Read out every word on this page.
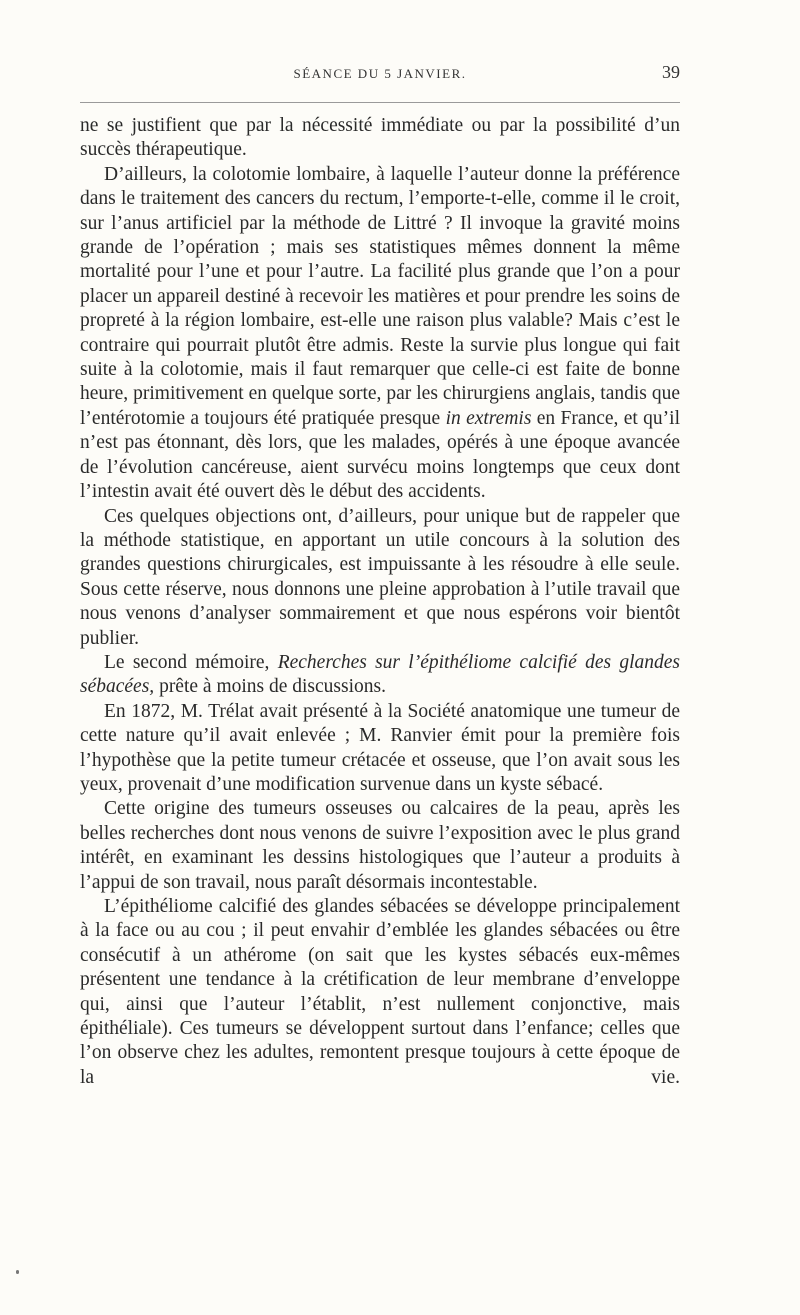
SÉANCE DU 5 JANVIER.	39

ne se justifient que par la nécessité immédiate ou par la possibilité d’un succès thérapeutique.

D’ailleurs, la colotomie lombaire, à laquelle l’auteur donne la préférence dans le traitement des cancers du rectum, l’emporte-t-elle, comme il le croit, sur l’anus artificiel par la méthode de Littré ? Il invoque la gravité moins grande de l’opération ; mais ses statistiques mêmes donnent la même mortalité pour l’une et pour l’autre. La facilité plus grande que l’on a pour placer un appareil destiné à recevoir les matières et pour prendre les soins de propreté à la région lombaire, est-elle une raison plus valable? Mais c’est le contraire qui pourrait plutôt être admis. Reste la survie plus longue qui fait suite à la colotomie, mais il faut remarquer que celle-ci est faite de bonne heure, primitivement en quelque sorte, par les chirurgiens anglais, tandis que l’entérotomie a toujours été pratiquée presque in extremis en France, et qu’il n’est pas étonnant, dès lors, que les malades, opérés à une époque avancée de l’évolution cancéreuse, aient survécu moins longtemps que ceux dont l’intestin avait été ouvert dès le début des accidents.

Ces quelques objections ont, d’ailleurs, pour unique but de rappeler que la méthode statistique, en apportant un utile concours à la solution des grandes questions chirurgicales, est impuissante à les résoudre à elle seule. Sous cette réserve, nous donnons une pleine approbation à l’utile travail que nous venons d’analyser sommairement et que nous espérons voir bientôt publier.

Le second mémoire, Recherches sur l’épithéliome calcifié des glandes sébacées, prête à moins de discussions.

En 1872, M. Trélat avait présenté à la Société anatomique une tumeur de cette nature qu’il avait enlevée ; M. Ranvier émit pour la première fois l’hypothèse que la petite tumeur crétacée et osseuse, que l’on avait sous les yeux, provenait d’une modification survenue dans un kyste sébacé.

Cette origine des tumeurs osseuses ou calcaires de la peau, après les belles recherches dont nous venons de suivre l’exposition avec le plus grand intérêt, en examinant les dessins histologiques que l’auteur a produits à l’appui de son travail, nous paraît désormais incontestable.

L’épithéliome calcifié des glandes sébacées se développe principalement à la face ou au cou ; il peut envahir d’emblée les glandes sébacées ou être consécutif à un athérome (on sait que les kystes sébacés eux-mêmes présentent une tendance à la crétification de leur membrane d’enveloppe qui, ainsi que l’auteur l’établit, n’est nullement conjonctive, mais épithéliale). Ces tumeurs se développent surtout dans l’enfance; celles que l’on observe chez les adultes, remontent presque toujours à cette époque de la vie.
